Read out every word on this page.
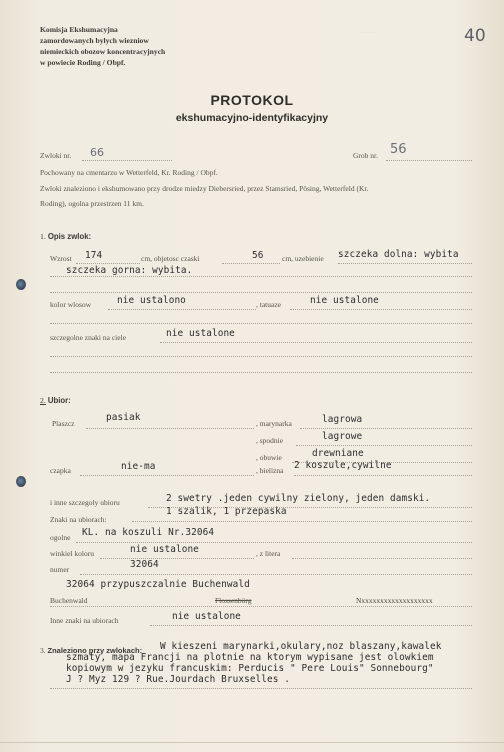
Komisja Ekshumacyjna
zamordowanych bylych wiezniow
niemieckich obozow koncentracyjnych
w powiecie Roding / Obpf.
· · · · ·	40
PROTOKOL
ekshumacyjno-identyfikacyjny
Zwloki nr. 66	Grob nr. 56
Pochowany na cmentarzu w Wetterfeld, Kr. Roding / Obpf.
Zwloki znaleziono i ekshumowano przy drodze miedzy Diebersried, przez Stamsried, Pösing, Wetterfeld (Kr.
Roding), ogolna przestrzen 11 km.
1. Opis zwlok:
Wzrost 174	cm, objetosc czaski	56 cm, uzebienie szczeka dolna: wybita
szczeka gorna: wybita.
kolor wlosow	nie ustalono	, tatuaze	nie ustalone
szczegolne znaki na ciele	nie ustalone
2. Ubior:
Plaszcz
pasiak
, marynarka	lagrowa
, spodnie	lagrowe
, obuwie	drewniane
czapka	nie-ma	, bielizna 2 koszule,cywilne
i inne szczegoly ubioru	2 swetry .jeden cywilny zielony, jeden damski.
1 szalik, 1 przepaska
Znaki na ubiorach:
ogolne KL. na koszuli Nr.32064
winkiel koloru	nie ustalone	, z litera
numer	32064
32064 przypuszczalnie Buchenwald
Buchenwald	Flossenbürg	Nxxxxxxxxxxxxxxxxxxx
Inne znaki na ubiorach	nie ustalone
3. Znaleziono przy zwlokach: W kieszeni marynarki,okulary,noz blaszany,kawalek
szmaty, mapa Francji na plotnie na ktorym wypisane jest olowkiem
kopiowym w jezyku francuskim: Perducis " Pere Louis" Sonnebourg"
J ? Myz 129 ? Rue.Jourdach Bruxselles .
